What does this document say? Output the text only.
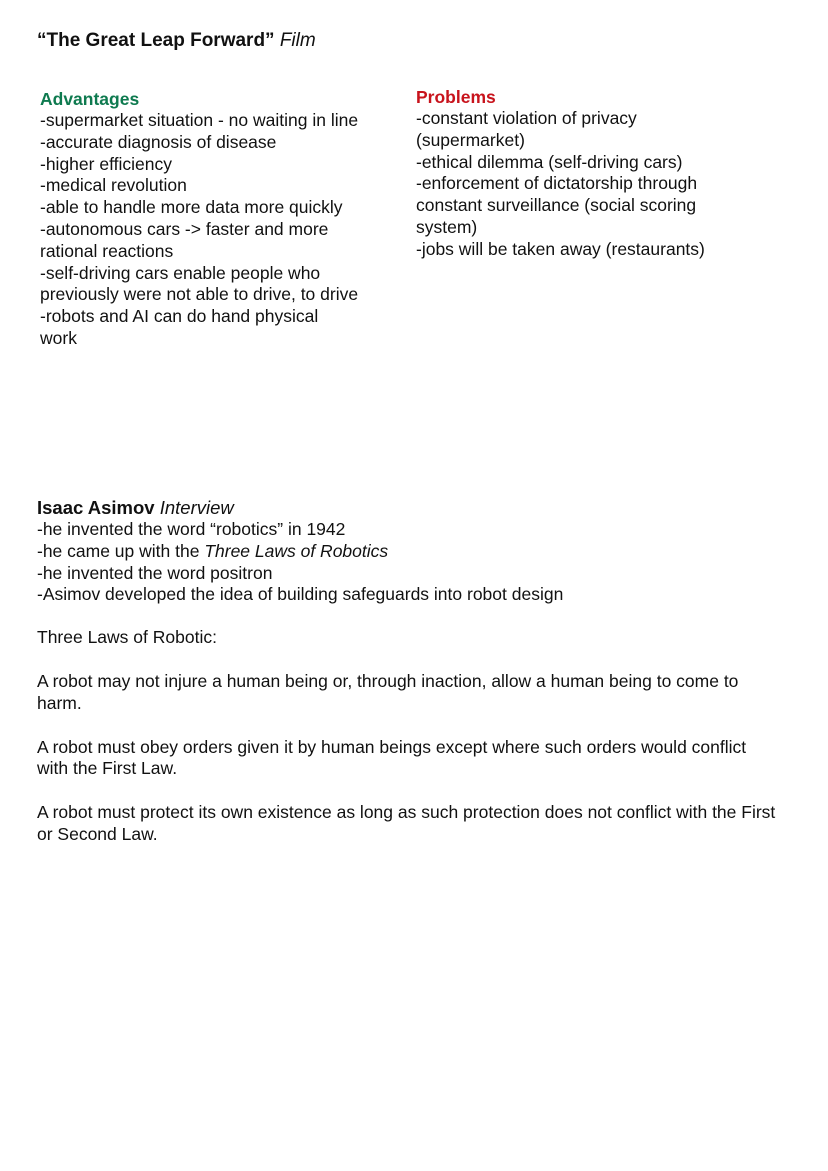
“The Great Leap Forward” Film
Advantages
-supermarket situation - no waiting in line
-accurate diagnosis of disease
-higher efficiency
-medical revolution
-able to handle more data more quickly
-autonomous cars -> faster and more rational reactions
-self-driving cars enable people who previously were not able to drive, to drive
-robots and AI can do hand physical work
Problems
-constant violation of privacy (supermarket)
-ethical dilemma (self-driving cars)
-enforcement of dictatorship through constant surveillance (social scoring system)
-jobs will be taken away (restaurants)
Isaac Asimov Interview
-he invented the word “robotics” in 1942
-he came up with the Three Laws of Robotics
-he invented the word positron
-Asimov developed the idea of building safeguards into robot design
Three Laws of Robotic:
A robot may not injure a human being or, through inaction, allow a human being to come to harm.
A robot must obey orders given it by human beings except where such orders would conflict with the First Law.
A robot must protect its own existence as long as such protection does not conflict with the First or Second Law.
